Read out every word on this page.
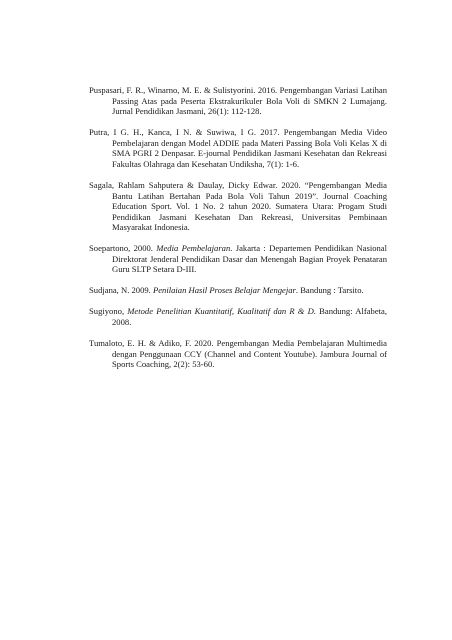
Puspasari, F. R., Winarno, M. E. & Sulistyorini. 2016. Pengembangan Variasi Latihan Passing Atas pada Peserta Ekstrakurikuler Bola Voli di SMKN 2 Lumajang. Jurnal Pendidikan Jasmani, 26(1): 112-128.

Putra, I G. H., Kanca, I N. & Suwiwa, I G. 2017. Pengembangan Media Video Pembelajaran dengan Model ADDIE pada Materi Passing Bola Voli Kelas X di SMA PGRI 2 Denpasar. E-journal Pendidikan Jasmani Kesehatan dan Rekreasi Fakultas Olahraga dan Kesehatan Undiksha, 7(1): 1-6.

Sagala, Rahlam Sahputera & Daulay, Dicky Edwar. 2020. “Pengembangan Media Bantu Latihan Bertahan Pada Bola Voli Tahun 2019”. Journal Coaching Education Sport. Vol. 1 No. 2 tahun 2020. Sumatera Utara: Progam Studi Pendidikan Jasmani Kesehatan Dan Rekreasi, Universitas Pembinaan Masyarakat Indonesia.

Soepartono, 2000. Media Pembelajaran. Jakarta : Departemen Pendidikan Nasional Direktorat Jenderal Pendidikan Dasar dan Menengah Bagian Proyek Penataran Guru SLTP Setara D-III.

Sudjana, N. 2009. Penilaian Hasil Proses Belajar Mengejar. Bandung : Tarsito.

Sugiyono, Metode Penelitian Kuantitatif, Kualitatif dan R & D. Bandung: Alfabeta, 2008.

Tumaloto, E. H. & Adiko, F. 2020. Pengembangan Media Pembelajaran Multimedia dengan Penggunaan CCY (Channel and Content Youtube). Jambura Journal of Sports Coaching, 2(2): 53-60.
